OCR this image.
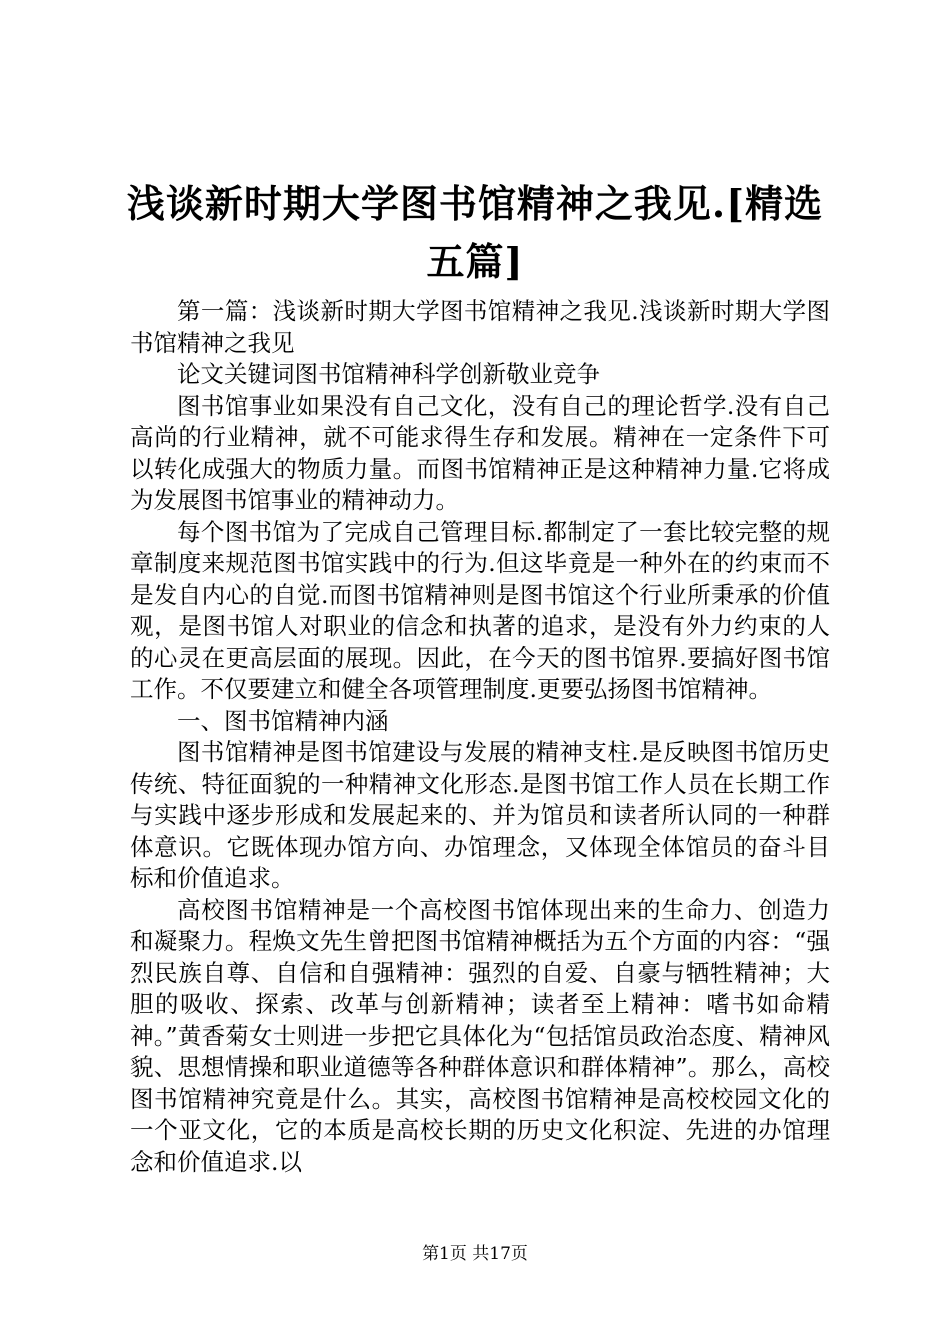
浅谈新时期大学图书馆精神之我见.[精选五篇]

第一篇：浅谈新时期大学图书馆精神之我见.浅谈新时期大学图书馆精神之我见

论文关键词图书馆精神科学创新敬业竞争

图书馆事业如果没有自己文化，没有自己的理论哲学.没有自己高尚的行业精神，就不可能求得生存和发展。精神在一定条件下可以转化成强大的物质力量。而图书馆精神正是这种精神力量.它将成为发展图书馆事业的精神动力。

每个图书馆为了完成自己管理目标.都制定了一套比较完整的规章制度来规范图书馆实践中的行为.但这毕竟是一种外在的约束而不是发自内心的自觉.而图书馆精神则是图书馆这个行业所秉承的价值观，是图书馆人对职业的信念和执著的追求，是没有外力约束的人的心灵在更高层面的展现。因此，在今天的图书馆界.要搞好图书馆工作。不仅要建立和健全各项管理制度.更要弘扬图书馆精神。

一、图书馆精神内涵

图书馆精神是图书馆建设与发展的精神支柱.是反映图书馆历史传统、特征面貌的一种精神文化形态.是图书馆工作人员在长期工作与实践中逐步形成和发展起来的、并为馆员和读者所认同的一种群体意识。它既体现办馆方向、办馆理念，又体现全体馆员的奋斗目标和价值追求。

高校图书馆精神是一个高校图书馆体现出来的生命力、创造力和凝聚力。程焕文先生曾把图书馆精神概括为五个方面的内容：“强烈民族自尊、自信和自强精神：强烈的自爱、自豪与牺牲精神；大胆的吸收、探索、改革与创新精神；读者至上精神：嗜书如命精神。”黄香菊女士则进一步把它具体化为“包括馆员政治态度、精神风貌、思想情操和职业道德等各种群体意识和群体精神”。那么，高校图书馆精神究竟是什么。其实，高校图书馆精神是高校校园文化的一个亚文化，它的本质是高校长期的历史文化积淀、先进的办馆理念和价值追求.以

第1页 共17页
